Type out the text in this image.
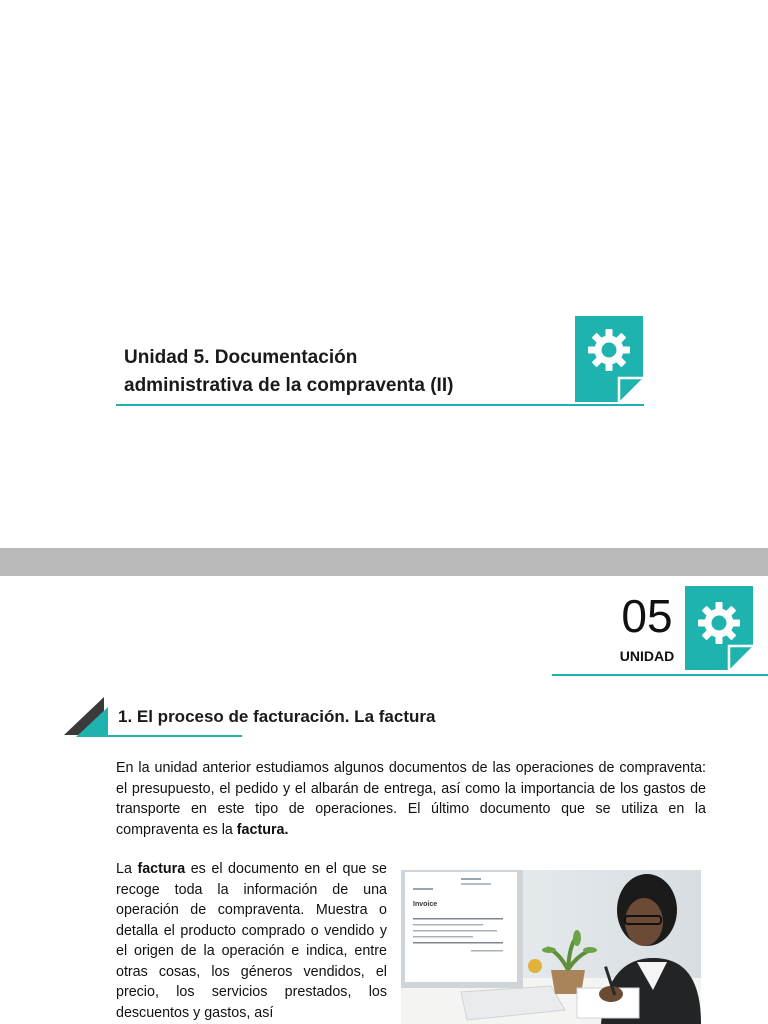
Unidad 5. Documentación
administrativa de la compraventa (II)
05
UNIDAD
1. El proceso de facturación. La factura

En la unidad anterior estudiamos algunos documentos de las operaciones de compraventa: el presupuesto, el pedido y el albarán de entrega, así como la importancia de los gastos de transporte en este tipo de operaciones. El último documento que se utiliza en la compraventa es la factura.

La factura es el documento en el que se recoge toda la información de una operación de compraventa. Muestra o detalla el producto comprado o vendido y el origen de la operación e indica, entre otras cosas, los géneros vendidos, el precio, los servicios prestados, los descuentos y gastos, así

Invoice
